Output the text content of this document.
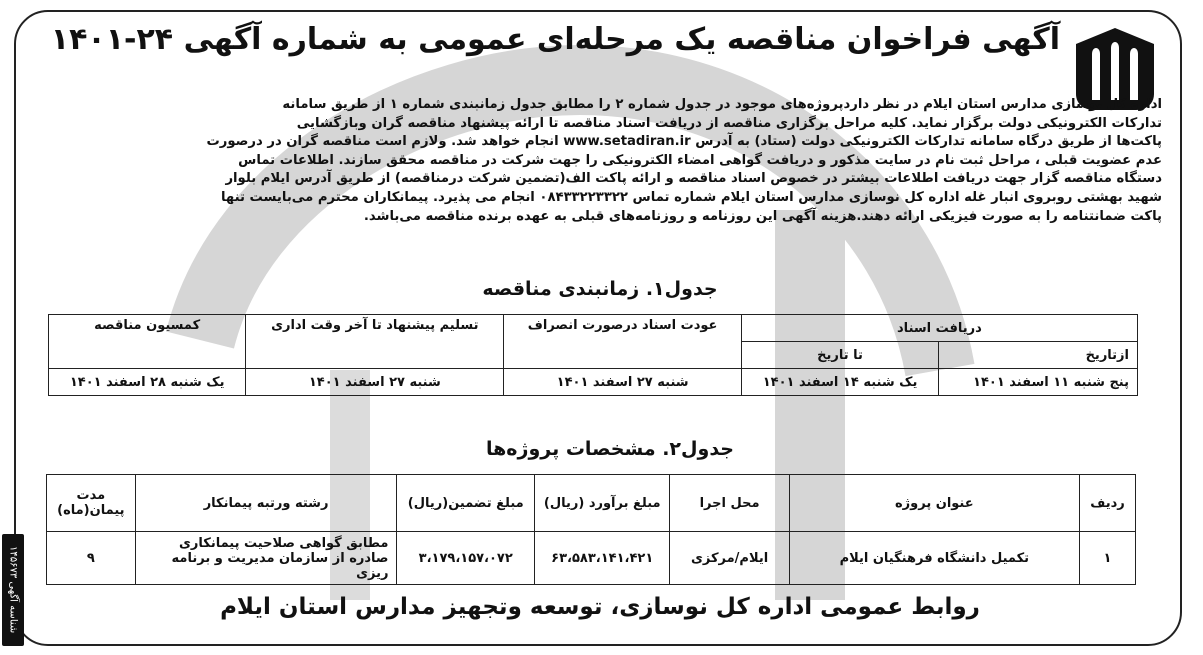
آگهی فراخوان مناقصه یک مرحله‌ای عمومی به شماره آگهی ۲۴-۱۴۰۱

اداره کل نوسازی مدارس استان ایلام در نظر داردپروژه‌های موجود در جدول شماره ۲ را مطابق جدول زمانبندی شماره ۱ از طریق سامانه

تدارکات الکترونیکی دولت برگزار نماید. کلیه مراحل برگزاری مناقصه از دریافت اسناد مناقصه تا ارائه پیشنهاد مناقصه گران وبازگشایی

پاکت‌ها از طریق درگاه سامانه تدارکات الکترونیکی دولت (ستاد) به آدرس www.setadiran.ir انجام خواهد شد. ولازم است مناقصه گران در درصورت

عدم عضویت قبلی ، مراحل ثبت نام در سایت مذکور و دریافت گواهی امضاء الکترونیکی را جهت شرکت در مناقصه محقق سازند. اطلاعات تماس

دستگاه مناقصه گزار جهت دریافت اطلاعات بیشتر در خصوص اسناد مناقصه و ارائه پاکت الف(تضمین شرکت درمناقصه) از طریق آدرس ایلام بلوار

شهید بهشتی روبروی انبار غله اداره کل نوسازی مدارس استان ایلام شماره تماس ۰۸۴۳۳۲۲۳۳۲۲ انجام می پذیرد. پیمانکاران محترم می‌بایست تنها

پاکت ضمانتنامه را به صورت فیزیکی ارائه دهند.هزینه آگهی این روزنامه و روزنامه‌های قبلی به عهده برنده مناقصه می‌باشد.

جدول۱. زمانبندی مناقصه
دریافت اسناد		عودت اسناد درصورت انصراف	تسلیم پیشنهاد تا آخر وقت اداری	کمسیون مناقصه
ازتاریخ	تا تاریخ			
پنج شنبه ۱۱ اسفند ۱۴۰۱	یک شنبه ۱۴ اسفند ۱۴۰۱	شنبه ۲۷ اسفند ۱۴۰۱	شنبه ۲۷ اسفند ۱۴۰۱	یک شنبه ۲۸ اسفند ۱۴۰۱
جدول۲. مشخصات پروژه‌ها
ردیف	عنوان پروژه	محل اجرا	مبلغ برآورد (ریال)	مبلغ تضمین(ریال)	رشته ورتبه پیمانکار	مدت پیمان(ماه)
۱	تکمیل دانشگاه فرهنگیان ایلام	ایلام/مرکزی	۶۳،۵۸۳،۱۴۱،۴۲۱	۳،۱۷۹،۱۵۷،۰۷۲	مطابق گواهی صلاحیت پیمانکاری صادره از سازمان مدیریت و برنامه ریزی	۹
روابط عمومی اداره کل نوسازی، توسعه وتجهیز مدارس استان ایلام
شناسه آگهی ۱۴۵۶۷۳
